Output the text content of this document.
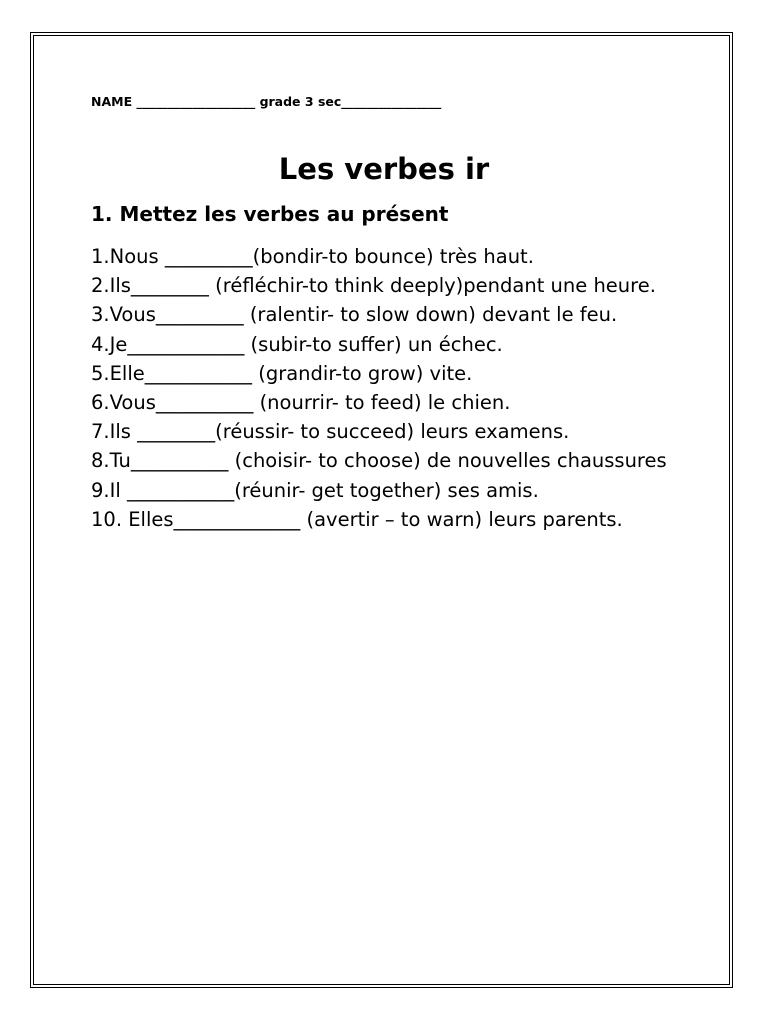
NAME ___________________ grade 3 sec________________
Les verbes ir
1. Mettez les verbes au présent
1.Nous _________(bondir-to bounce) très haut.
2.Ils________ (réfléchir-to think deeply)pendant une heure.
3.Vous_________ (ralentir- to slow down) devant le feu.
4.Je____________ (subir-to suffer) un échec.
5.Elle___________ (grandir-to grow) vite.
6.Vous__________ (nourrir- to feed) le chien.
7.Ils ________(réussir- to succeed) leurs examens.
8.Tu__________ (choisir- to choose) de nouvelles chaussures
9.Il ___________(réunir- get together) ses amis.
10. Elles_____________ (avertir – to warn) leurs parents.
